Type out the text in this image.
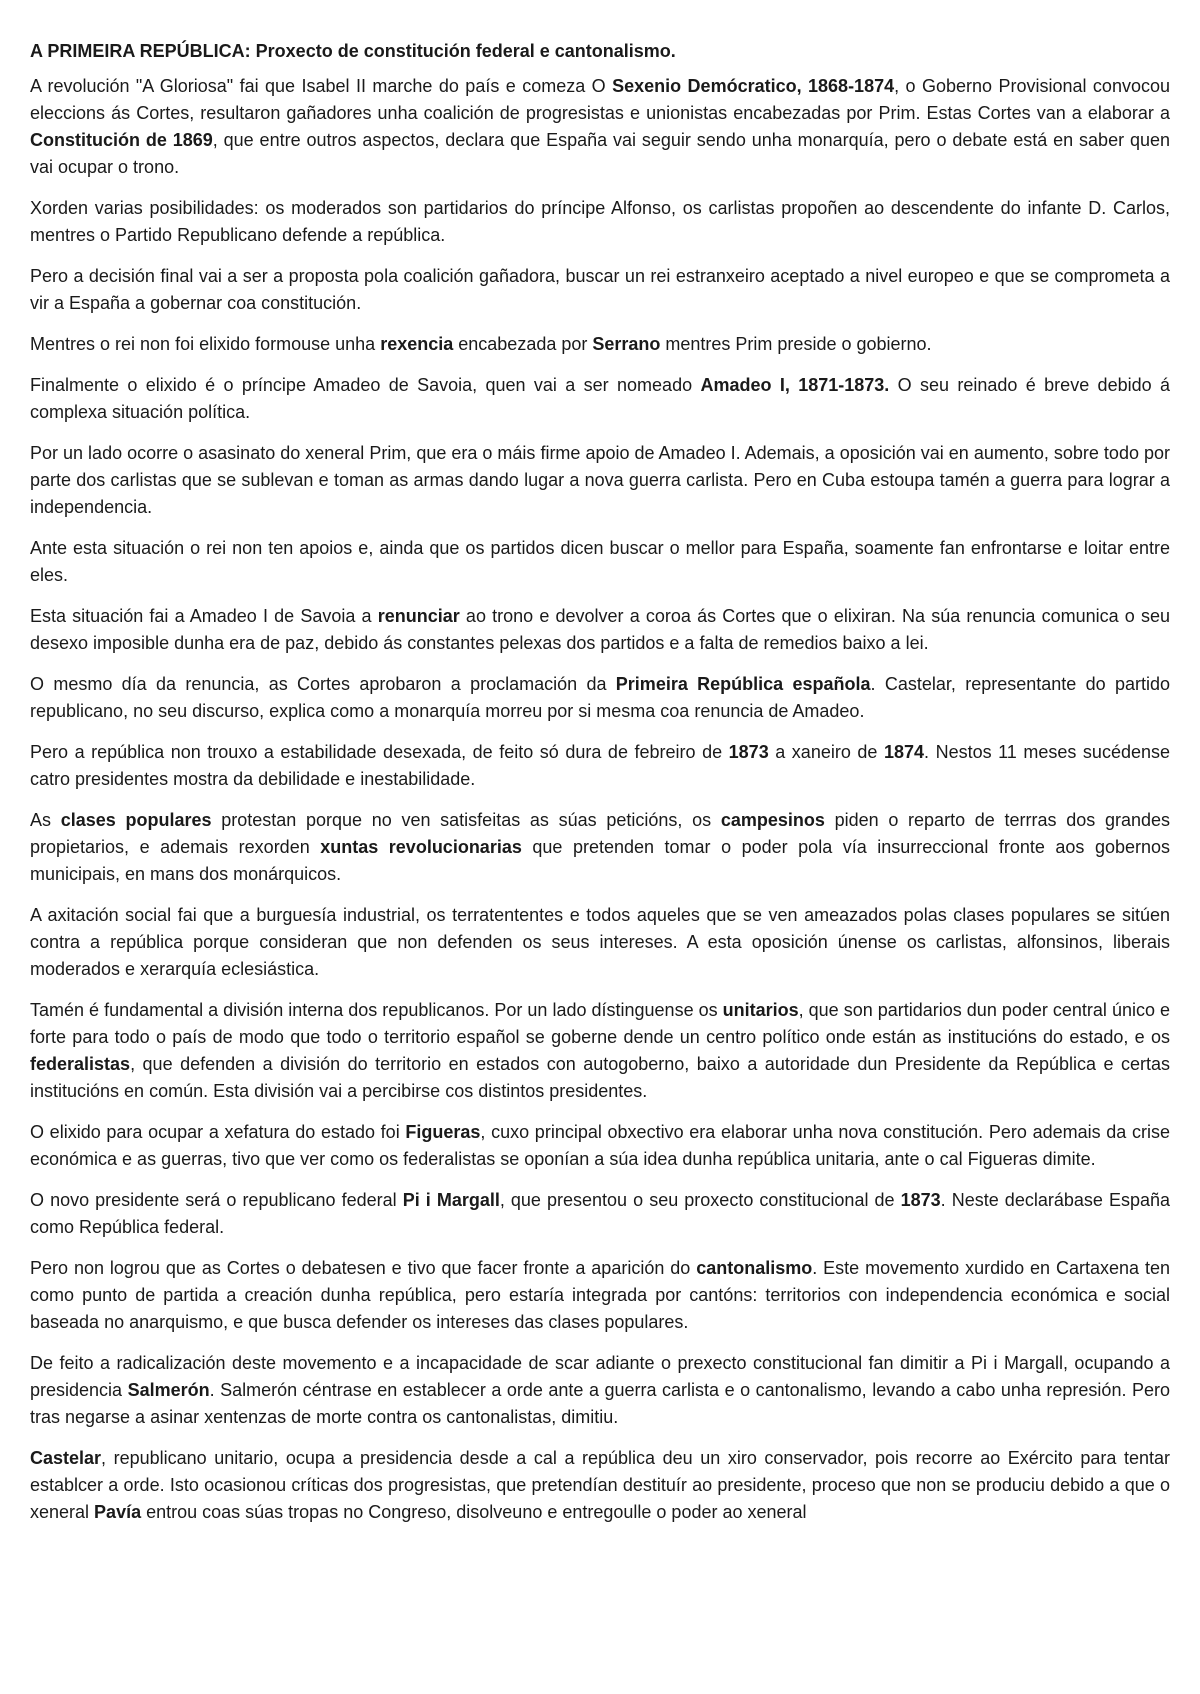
A PRIMEIRA REPÚBLICA: Proxecto de constitución federal e cantonalismo.

A revolución "A Gloriosa" fai que Isabel II marche do país e comeza O Sexenio Demócratico, 1868-1874, o Goberno Provisional convocou eleccions ás Cortes, resultaron gañadores unha coalición de progresistas e unionistas encabezadas por Prim. Estas Cortes van a elaborar a Constitución de 1869, que entre outros aspectos, declara que España vai seguir sendo unha monarquía, pero o debate está en saber quen vai ocupar o trono.

Xorden varias posibilidades: os moderados son partidarios do príncipe Alfonso, os carlistas propoñen ao descendente do infante D. Carlos, mentres o Partido Republicano defende a república.

Pero a decisión final vai a ser a proposta pola coalición gañadora, buscar un rei estranxeiro aceptado a nivel europeo e que se comprometa a vir a España a gobernar coa constitución.

Mentres o rei non foi elixido formouse unha rexencia encabezada por Serrano mentres Prim preside o gobierno.

Finalmente o elixido é o príncipe Amadeo de Savoia, quen vai a ser nomeado Amadeo I, 1871-1873. O seu reinado é breve debido á complexa situación política.

Por un lado ocorre o asasinato do xeneral Prim, que era o máis firme apoio de Amadeo I. Ademais, a oposición vai en aumento, sobre todo por parte dos carlistas que se sublevan e toman as armas dando lugar a nova guerra carlista. Pero en Cuba estoupa tamén a guerra para lograr a independencia.

Ante esta situación o rei non ten apoios e, ainda que os partidos dicen buscar o mellor para España, soamente fan enfrontarse e loitar entre eles.

Esta situación fai a Amadeo I de Savoia a renunciar ao trono e devolver a coroa ás Cortes que o elixiran. Na súa renuncia comunica o seu desexo imposible dunha era de paz, debido ás constantes pelexas dos partidos e a falta de remedios baixo a lei.

O mesmo día da renuncia, as Cortes aprobaron a proclamación da Primeira República española. Castelar, representante do partido republicano, no seu discurso, explica como a monarquía morreu por si mesma coa renuncia de Amadeo.

Pero a república non trouxo a estabilidade desexada, de feito só dura de febreiro de 1873 a xaneiro de 1874. Nestos 11 meses sucédense catro presidentes mostra da debilidade e inestabilidade.

As clases populares protestan porque no ven satisfeitas as súas peticións, os campesinos piden o reparto de terrras dos grandes propietarios, e ademais rexorden xuntas revolucionarias que pretenden tomar o poder pola vía insurreccional fronte aos gobernos municipais, en mans dos monárquicos.

A axitación social fai que a burguesía industrial, os terratententes e todos aqueles que se ven ameazados polas clases populares se sitúen contra a república porque consideran que non defenden os seus intereses. A esta oposición únense os carlistas, alfonsinos, liberais moderados e xerarquía eclesiástica.

Tamén é fundamental a división interna dos republicanos. Por un lado dístinguense os unitarios, que son partidarios dun poder central único e forte para todo o país de modo que todo o territorio español se goberne dende un centro político onde están as institucións do estado, e os federalistas, que defenden a división do territorio en estados con autogoberno, baixo a autoridade dun Presidente da República e certas institucións en común. Esta división vai a percibirse cos distintos presidentes.

O elixido para ocupar a xefatura do estado foi Figueras, cuxo principal obxectivo era elaborar unha nova constitución. Pero ademais da crise económica e as guerras, tivo que ver como os federalistas se oponían a súa idea dunha república unitaria, ante o cal Figueras dimite.

O novo presidente será o republicano federal Pi i Margall, que presentou o seu proxecto constitucional de 1873. Neste declarábase España como República federal.

Pero non logrou que as Cortes o debatesen e tivo que facer fronte a aparición do cantonalismo. Este movemento xurdido en Cartaxena ten como punto de partida a creación dunha república, pero estaría integrada por cantóns: territorios con independencia económica e social baseada no anarquismo, e que busca defender os intereses das clases populares.

De feito a radicalización deste movemento e a incapacidade de scar adiante o prexecto constitucional fan dimitir a Pi i Margall, ocupando a presidencia Salmerón. Salmerón céntrase en establecer a orde ante a guerra carlista e o cantonalismo, levando a cabo unha represión. Pero tras negarse a asinar xentenzas de morte contra os cantonalistas, dimitiu.

Castelar, republicano unitario, ocupa a presidencia desde a cal a república deu un xiro conservador, pois recorre ao Exército para tentar establcer a orde. Isto ocasionou críticas dos progresistas, que pretendían destituír ao presidente, proceso que non se produciu debido a que o xeneral Pavía entrou coas súas tropas no Congreso, disolveuno e entregoulle o poder ao xeneral
